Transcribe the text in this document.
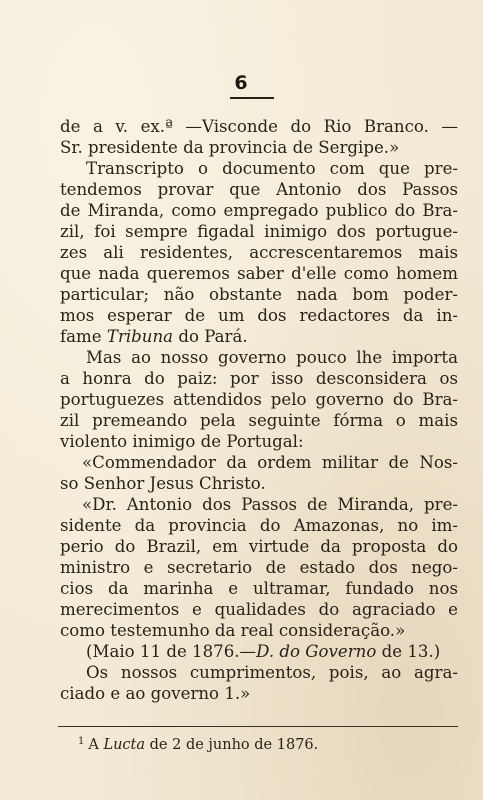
6
de a v. ex.ª —Visconde do Rio Branco. —
Sr. presidente da provincia de Sergipe.»
Transcripto o documento com que pre-
tendemos provar que Antonio dos Passos
de Miranda, como empregado publico do Bra-
zil, foi sempre figadal inimigo dos portugue-
zes ali residentes, accrescentaremos mais
que nada queremos saber d'elle como homem
particular; não obstante nada bom poder-
mos esperar de um dos redactores da in-
fame Tribuna do Pará.
Mas ao nosso governo pouco lhe importa
a honra do paiz: por isso desconsidera os
portuguezes attendidos pelo governo do Bra-
zil premeando pela seguinte fórma o mais
violento inimigo de Portugal:
«Commendador da ordem militar de Nos-
so Senhor Jesus Christo.
«Dr. Antonio dos Passos de Miranda, pre-
sidente da provincia do Amazonas, no im-
perio do Brazil, em virtude da proposta do
ministro e secretario de estado dos nego-
cios da marinha e ultramar, fundado nos
merecimentos e qualidades do agraciado e
como testemunho da real consideração.»
(Maio 11 de 1876.—D. do Governo de 13.)
Os nossos cumprimentos, pois, ao agra-
ciado e ao governo 1.»
$^1$ A Lucta de 2 de junho de 1876.
